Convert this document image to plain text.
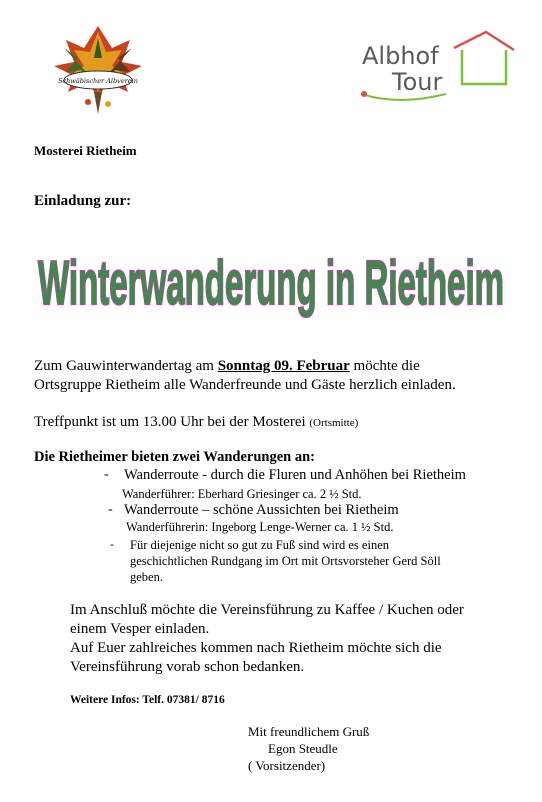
Schwäbischer Albverein
Albhof
Tour
Mosterei Rietheim
Einladung zur:
Winterwanderung in Rietheim
Zum Gauwinterwandertag am Sonntag 09. Februar möchte die
Ortsgruppe Rietheim alle Wanderfreunde und Gäste herzlich einladen.
Treffpunkt ist um 13.00 Uhr bei der Mosterei (Ortsmitte)
Die Rietheimer bieten zwei Wanderungen an:
- Wanderroute - durch die Fluren und Anhöhen bei Rietheim
Wanderführer: Eberhard Griesinger ca. 2 ½ Std.
- Wanderroute – schöne Aussichten bei Rietheim
Wanderführerin: Ingeborg Lenge-Werner ca. 1 ½ Std.
- Für diejenige nicht so gut zu Fuß sind wird es einen
geschichtlichen Rundgang im Ort mit Ortsvorsteher Gerd Söll
geben.
Im Anschluß möchte die Vereinsführung zu Kaffee / Kuchen oder
einem Vesper einladen.
Auf Euer zahlreiches kommen nach Rietheim möchte sich die
Vereinsführung vorab schon bedanken.
Weitere Infos: Telf. 07381/ 8716
Mit freundlichem Gruß
Egon Steudle
( Vorsitzender)
